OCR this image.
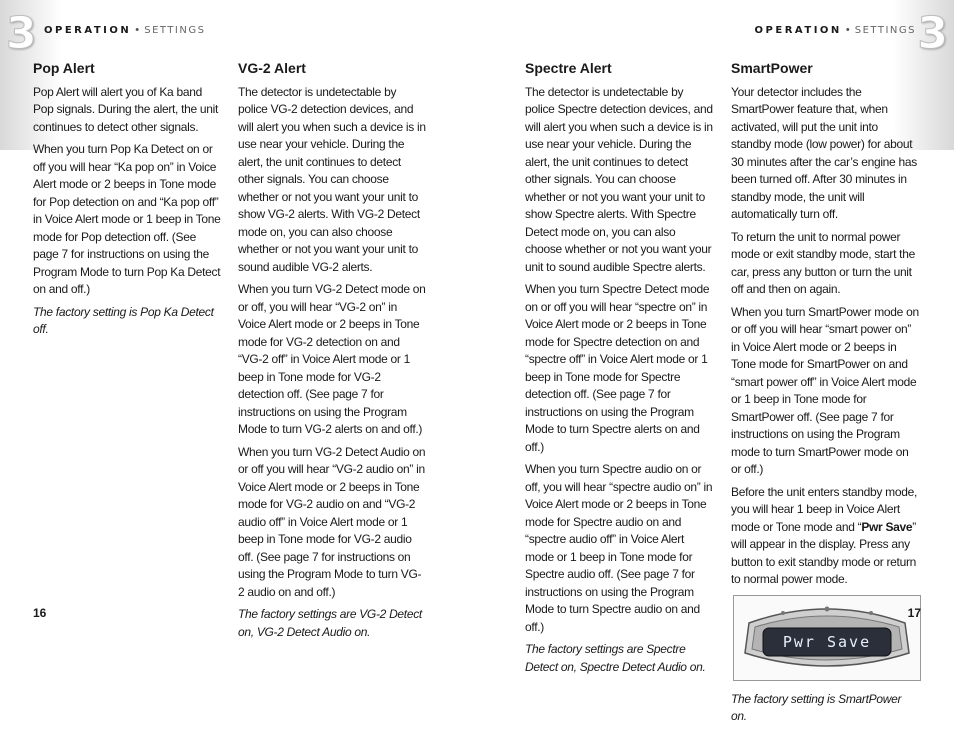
3 OPERATION • SETTINGS	3
OPERATION • SETTINGS
Pop Alert

Pop Alert will alert you of Ka band Pop signals. During the alert, the unit continues to detect other signals.

When you turn Pop Ka Detect on or off you will hear “Ka pop on” in Voice Alert mode or 2 beeps in Tone mode for Pop detection on and “Ka pop off” in Voice Alert mode or 1 beep in Tone mode for Pop detection off. (See page 7 for instructions on using the Program Mode to turn Pop Ka Detect on and off.)

The factory setting is Pop Ka Detect off.

VG-2 Alert

The detector is undetectable by police VG-2 detection devices, and will alert you when such a device is in use near your vehicle. During the alert, the unit continues to detect other signals. You can choose whether or not you want your unit to show VG-2 alerts. With VG-2 Detect mode on, you can also choose whether or not you want your unit to sound audible VG-2 alerts.

When you turn VG-2 Detect mode on or off, you will hear “VG-2 on” in Voice Alert mode or 2 beeps in Tone mode for VG-2 detection on and “VG-2 off” in Voice Alert mode or 1 beep in Tone mode for VG-2 detection off. (See page 7 for instructions on using the Program Mode to turn VG-2 alerts on and off.)

When you turn VG-2 Detect Audio on or off you will hear “VG-2 audio on” in Voice Alert mode or 2 beeps in Tone mode for VG-2 audio on and “VG-2 audio off” in Voice Alert mode or 1 beep in Tone mode for VG-2 audio off. (See page 7 for instructions on using the Program Mode to turn VG-2 audio on and off.)

The factory settings are VG-2 Detect on, VG-2 Detect Audio on.

Spectre Alert

The detector is undetectable by police Spectre detection devices, and will alert you when such a device is in use near your vehicle. During the alert, the unit continues to detect other signals. You can choose whether or not you want your unit to show Spectre alerts. With Spectre Detect mode on, you can also choose whether or not you want your unit to sound audible Spectre alerts.

When you turn Spectre Detect mode on or off you will hear “spectre on” in Voice Alert mode or 2 beeps in Tone mode for Spectre detection on and “spectre off” in Voice Alert mode or 1 beep in Tone mode for Spectre detection off. (See page 7 for instructions on using the Program Mode to turn Spectre alerts on and off.)

When you turn Spectre audio on or off, you will hear “spectre audio on” in Voice Alert mode or 2 beeps in Tone mode for Spectre audio on and “spectre audio off” in Voice Alert mode or 1 beep in Tone mode for Spectre audio off. (See page 7 for instructions on using the Program Mode to turn Spectre audio on and off.)

The factory settings are Spectre Detect on, Spectre Detect Audio on.

SmartPower

Your detector includes the SmartPower feature that, when activated, will put the unit into standby mode (low power) for about 30 minutes after the car’s engine has been turned off. After 30 minutes in standby mode, the unit will automatically turn off.

To return the unit to normal power mode or exit standby mode, start the car, press any button or turn the unit off and then on again.

When you turn SmartPower mode on or off you will hear “smart power on” in Voice Alert mode or 2 beeps in Tone mode for SmartPower on and “smart power off” in Voice Alert mode or 1 beep in Tone mode for SmartPower off. (See page 7 for instructions on using the Program mode to turn SmartPower mode on or off.)

Before the unit enters standby mode, you will hear 1 beep in Voice Alert mode or Tone mode and “Pwr Save” will appear in the display. Press any button to exit standby mode or return to normal power mode.

Pwr Save

The factory setting is SmartPower on.

16	17
